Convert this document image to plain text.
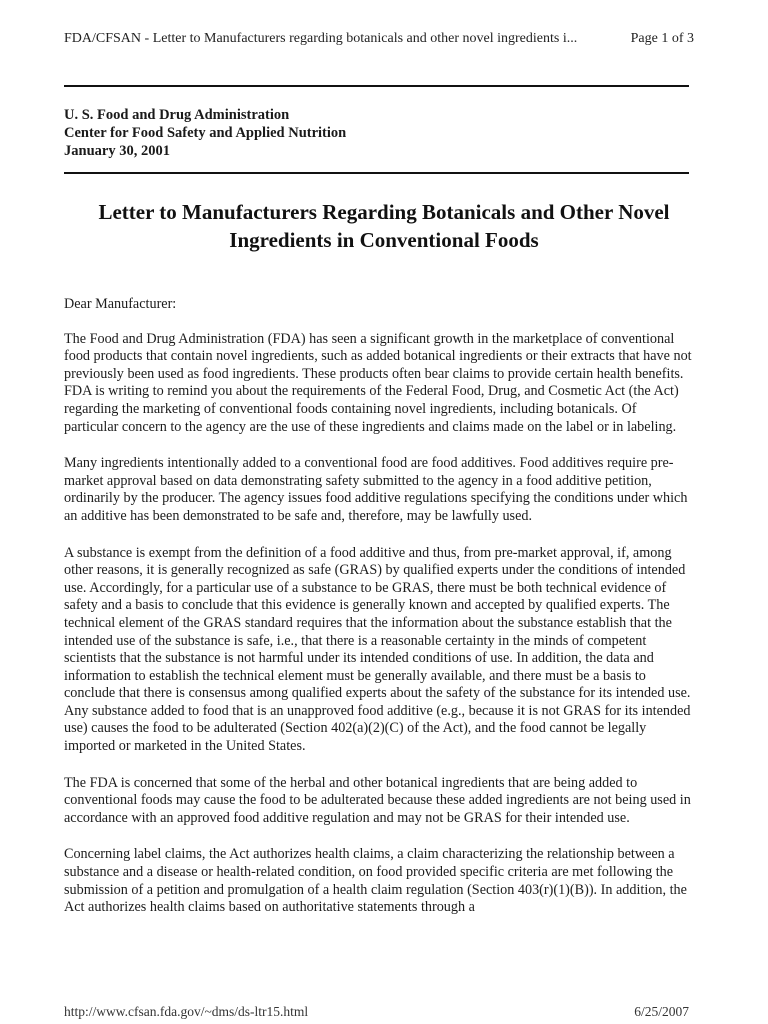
FDA/CFSAN - Letter to Manufacturers regarding botanicals and other novel ingredients i...	Page 1 of 3
U. S. Food and Drug Administration
Center for Food Safety and Applied Nutrition
January 30, 2001
Letter to Manufacturers Regarding Botanicals and Other Novel
Ingredients in Conventional Foods

Dear Manufacturer:

The Food and Drug Administration (FDA) has seen a significant growth in the marketplace of conventional food products that contain novel ingredients, such as added botanical ingredients or their extracts that have not previously been used as food ingredients. These products often bear claims to provide certain health benefits. FDA is writing to remind you about the requirements of the Federal Food, Drug, and Cosmetic Act (the Act) regarding the marketing of conventional foods containing novel ingredients, including botanicals. Of particular concern to the agency are the use of these ingredients and claims made on the label or in labeling.

Many ingredients intentionally added to a conventional food are food additives. Food additives require pre-market approval based on data demonstrating safety submitted to the agency in a food additive petition, ordinarily by the producer. The agency issues food additive regulations specifying the conditions under which an additive has been demonstrated to be safe and, therefore, may be lawfully used.

A substance is exempt from the definition of a food additive and thus, from pre-market approval, if, among other reasons, it is generally recognized as safe (GRAS) by qualified experts under the conditions of intended use. Accordingly, for a particular use of a substance to be GRAS, there must be both technical evidence of safety and a basis to conclude that this evidence is generally known and accepted by qualified experts. The technical element of the GRAS standard requires that the information about the substance establish that the intended use of the substance is safe, i.e., that there is a reasonable certainty in the minds of competent scientists that the substance is not harmful under its intended conditions of use. In addition, the data and information to establish the technical element must be generally available, and there must be a basis to conclude that there is consensus among qualified experts about the safety of the substance for its intended use. Any substance added to food that is an unapproved food additive (e.g., because it is not GRAS for its intended use) causes the food to be adulterated (Section 402(a)(2)(C) of the Act), and the food cannot be legally imported or marketed in the United States.

The FDA is concerned that some of the herbal and other botanical ingredients that are being added to conventional foods may cause the food to be adulterated because these added ingredients are not being used in accordance with an approved food additive regulation and may not be GRAS for their intended use.

Concerning label claims, the Act authorizes health claims, a claim characterizing the relationship between a substance and a disease or health-related condition, on food provided specific criteria are met following the submission of a petition and promulgation of a health claim regulation (Section 403(r)(1)(B)). In addition, the Act authorizes health claims based on authoritative statements through a

http://www.cfsan.fda.gov/~dms/ds-ltr15.html	6/25/2007
